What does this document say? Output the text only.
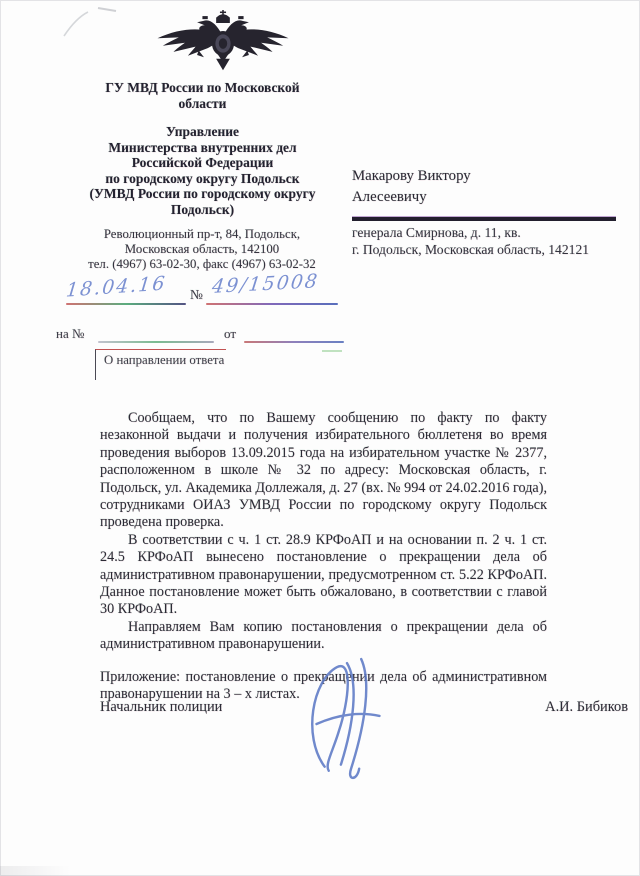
ГУ МВД России по Московской области
Управление
Министерства внутренних дел
Российской Федерации
по городскому округу Подольск
(УМВД России по городскому округу
Подольск)
Революционный пр-т, 84, Подольск,
Московская область, 142100
тел. (4967) 63-02-30, факс (4967) 63-02-32
18.04.16 № 49/15008
на №	от
О направлении ответа
Макарову Виктору
Алесеевичу
генерала Смирнова, д. 11, кв.
г. Подольск, Московская область, 142121

Сообщаем, что по Вашему сообщению по факту по факту незаконной выдачи и получения избирательного бюллетеня во время проведения выборов 13.09.2015 года на избирательном участке № 2377, расположенном в школе № 32 по адресу: Московская область, г. Подольск, ул. Академика Доллежаля, д. 27 (вх. № 994 от 24.02.2016 года), сотрудниками ОИАЗ УМВД России по городскому округу Подольск проведена проверка.

В соответствии с ч. 1 ст. 28.9 КРФоАП и на основании п. 2 ч. 1 ст. 24.5 КРФоАП вынесено постановление о прекращении дела об административном правонарушении, предусмотренном ст. 5.22 КРФоАП. Данное постановление может быть обжаловано, в соответствии с главой 30 КРФоАП.

Направляем Вам копию постановления о прекращении дела об административном правонарушении.

Приложение: постановление о прекращении дела об административном правонарушении на 3 – х листах.

Начальник полиции	А.И. Бибиков
